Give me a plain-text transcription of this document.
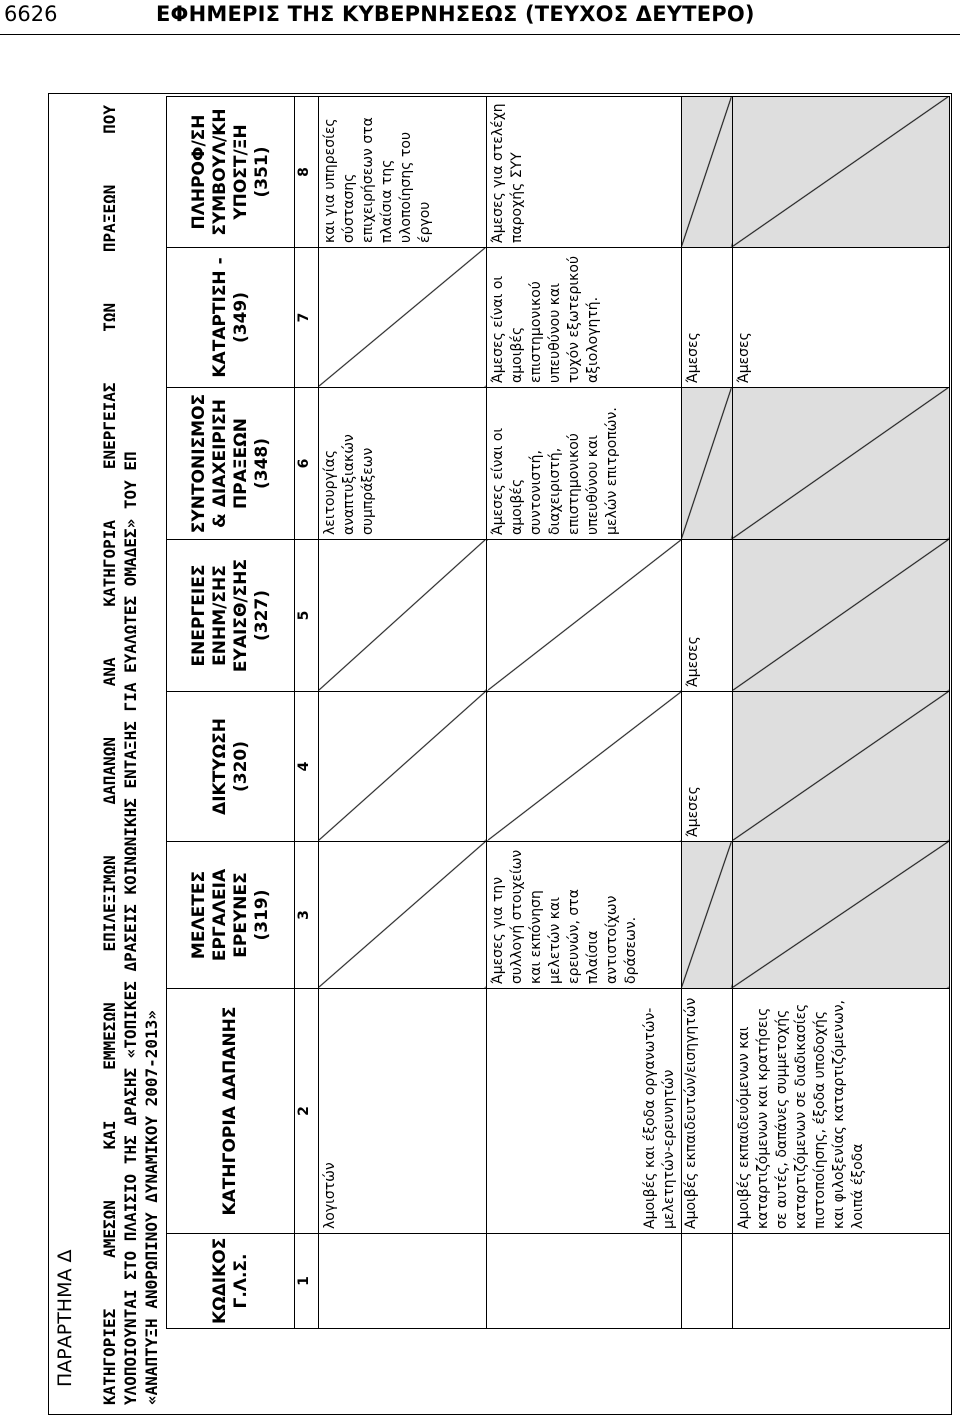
6626	ΕΦΗΜΕΡΙΣ ΤΗΣ ΚΥΒΕΡΝΗΣΕΩΣ (ΤΕΥΧΟΣ ΔΕΥΤΕΡΟ)
ΠΑΡΑΡΤΗΜΑ Δ ΚΑΤΗΓΟΡΙΕΣ ΑΜΕΣΩΝ ΚΑΙ ΕΜΜΕΣΩΝ ΕΠΙΛΕΞΙΜΩΝ ΔΑΠΑΝΩΝ ΑΝΑ ΚΑΤΗΓΟΡΙΑ ΕΝΕΡΓΕΙΑΣ ΤΩΝ ΠΡΑΞΕΩΝ ΠΟΥ ΥΛΟΠΟΙΟΥΝΤΑΙ ΣΤΟ ΠΛΑΙΣΙΟ ΤΗΣ ΔΡΑΣΗΣ «ΤΟΠΙΚΕΣ ΔΡΑΣΕΙΣ ΚΟΙΝΩΝΙΚΗΣ ΕΝΤΑΞΗΣ ΓΙΑ ΕΥΑΛΩΤΕΣ ΟΜΑΔΕΣ» ΤΟΥ ΕΠ «ΑΝΑΠΤΥΞΗ ΑΝΘΡΩΠΙΝΟΥ ΔΥΝΑΜΙΚΟΥ 2007-2013»	ΚΩΔΙΚΟΣ Γ.Λ.Σ.	ΚΑΤΗΓΟΡΙΑ ΔΑΠΑΝΗΣ	ΜΕΛΕΤΕΣ ΕΡΓΑΛΕΙΑ ΕΡΕΥΝΕΣ (319)	ΔΙΚΤΥΩΣΗ (320)	ΕΝΕΡΓΕΙΕΣ ΕΝΗΜ/ΣΗΣ ΕΥΑΙΣΘ/ΣΗΣ (327)	ΣΥΝΤΟΝΙΣΜΟΣ & ΔΙΑΧΕΙΡΙΣΗ ΠΡΑΞΕΩΝ (348)	ΚΑΤΑΡΤΙΣΗ - (349)	ΠΛΗΡΟΦ/ΣΗ ΣΥΜΒΟΥΛ/ΚΗ ΥΠΟΣΤ/ΞΗ (351)
1	2	3	4	5	6	7	8
	λογιστών				λειτουργίας αναπτυξιακών συμπράξεων		και για υπηρεσίες σύστασης επιχειρήσεων στα πλαίσια της υλοποίησης του έργου
	Αμοιβές και έξοδα οργανωτών-μελετητών-ερευνητών	Άμεσες για την συλλογή στοιχείων και εκπόνηση μελετών και ερευνών, στα πλαίσια αντιστοίχων δράσεων.			Άμεσες είναι οι αμοιβές συντονιστή, διαχειριστή, επιστημονικού υπευθύνου και μελών επιτροπών.	Άμεσες είναι οι αμοιβές επιστημονικού υπευθύνου και τυχόν εξωτερικού αξιολογητή.	Άμεσες για στελέχη παροχής ΣΥΥ
	Αμοιβές εκπαιδευτών/εισηγητών		Άμεσες	Άμεσες		Άμεσες	
	Αμοιβές εκπαιδευόμενων και καταρτιζόμενων και κρατήσεις σε αυτές, δαπάνες συμμετοχής καταρτιζόμενων σε διαδικασίες πιστοποίησης, έξοδα υποδοχής και φιλοξενίας καταρτιζόμενων, λοιπά έξοδα					Άμεσες	
